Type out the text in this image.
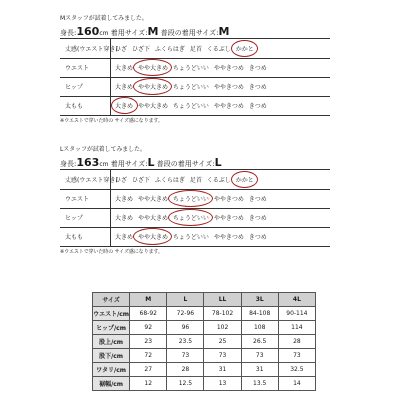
Mスタッフが試着してみました。
身長:160cm 着用サイズ:M 普段の着用サイズ:M
丈感(ウエスト穿き)	ひざ ひざ下 ふくらはぎ 足首 くるぶし かかと
ウエスト	大きめ やや大きめ ちょうどいい ややきつめ きつめ
ヒップ	大きめ やや大きめ ちょうどいい ややきつめ きつめ
太もも	大きめ やや大きめ ちょうどいい ややきつめ きつめ
※ウエストで穿いた時の サイズ感になります。
Lスタッフが試着してみました。
身長:163cm 着用サイズ:L 普段の着用サイズ:L
丈感(ウエスト穿き)	ひざ ひざ下 ふくらはぎ 足首 くるぶし かかと
ウエスト	大きめ やや大きめ ちょうどいい ややきつめ きつめ
ヒップ	大きめ やや大きめ ちょうどいい ややきつめ きつめ
太もも	大きめ やや大きめ ちょうどいい ややきつめ きつめ
※ウエストで穿いた時の サイズ感になります。
サイズ	M	L	LL	3L	4L
ウエスト/cm	68-92	72-96	78-102	84-108	90-114
ヒップ/cm	92	96	102	108	114
股上/cm	23	23.5	25	26.5	28
股下/cm	72	73	73	73	73
ワタリ/cm	27	28	31	31	32.5
裾幅/cm	12	12.5	13	13.5	14
